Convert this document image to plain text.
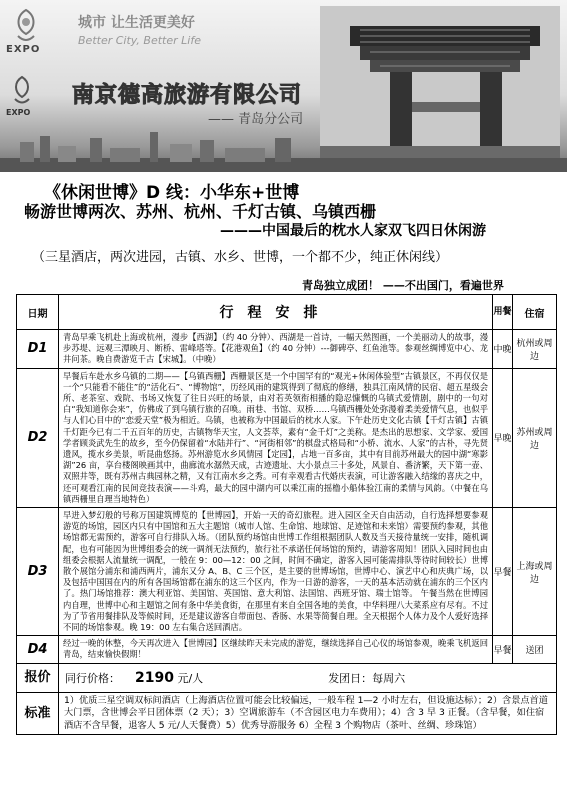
EXPO
城市 让生活更美好
Better City, Better Life
EXPO
南京德高旅游有限公司
—— 青岛分公司
《休闲世博》D 线：小华东+世博
畅游世博两次、苏州、杭州、千灯古镇、乌镇西栅
———中国最后的枕水人家双飞四日休闲游
（三星酒店，两次进园，古镇、水乡、世博，一个都不少，纯正休闲线）
青岛独立成团！ ——不出国门，看遍世界
日期	行程安排	用餐	住宿
D1	青岛早乘飞机赴上海或杭州，漫步【西湖】（约 40 分钟）、西湖是一首诗，一幅天然图画，一个美丽动人的故事，漫步苏堤、远观三潭映月、断桥、雷峰塔等。【花港观鱼】（约 40 分钟）---御碑亭、红鱼池等。参观丝绸博览中心、龙井问茶。晚自费游览千古【宋城】。（中晚）	中晚	杭州或周边
D2	早餐后车赴水乡乌镇的二期——【乌镇西栅】西栅景区是一个中国罕有的“观光+休闲体验型”古镇景区，不再仅仅是一个“只能看不能住”的“活化石”、“博物馆”，历经风雨的建筑得到了彻底的修缮，独具江南风情的民宿、超五星级会所、老茶室、戏院、书场又恢复了往日兴旺的场景，由对若英领衔相播的隐忍慷慨的乌镇式爱情剧，剧中的一句对白“我知道你会来”，仿佛成了到乌镇行旅的召唤。雨巷、书馆、双桥……乌镇西栅处处弥漫着柔美爱情气息，也似乎与人们心目中的“恋爱天堂”极为相近。乌镇，也被称为中国最后的枕水人家。下午赴历史文化古镇【千灯古镇】古镇千灯距今已有二千五百年的历史，古镇物华天宝，人文荟萃，素有“金千灯”之美称。是杰出的思想家、文学家、爱国学者顾炎武先生的故乡，至今仍保留着“水陆并行”、“河街相邻”的棋盘式格局和“小桥、流水、人家”的古朴，寻先贤遗风，揽水乡美景，听昆曲悠扬。苏州游览水乡风情园【定园】，占地一百多亩，其中有目前苏州最大的园中湖“寒影湖”26 亩，享台楼阁映画其中，曲廊流水潺然天成，古迹遗址、大小景点三十多处，风景自、番济繁，天下第一壶、双照井等，既有苏州古典园林之精，又有江南水乡之秀。可有幸观看古代婚庆表演，可让游客融入结缘的喜庆之中，还可观看江南的民间竞技表演——斗鸡，最大的园中湖内可以乘江南的摇橹小船体验江南的柔情与风韵。（中餐在乌镇西栅里自理当地特色）	早晚	苏州或周边
D3	早进入梦幻般的号称万国建筑博览的【世博园】，开始一天的奇幻旅程。进入园区全天自由活动，自行选择想要参观游览的场馆，园区内只有中国馆和五大主题馆（城市人馆、生命馆、地球馆、足迹馆和未来馆）需要预约参观，其他场馆都无需预约，游客可自行排队入场。（团队预约场馆由世博工作组根据团队人数及当天接待量统一安排，随机调配，也有可能因为世博组委会的统一调剂无法预约，旅行社不承诺任何场馆的预约，请游客周知！团队入园时间也由组委会根据人流量统一调配，一般在 9：00—12：00 之间，时间不确定，游客入园可能需排队等待时间较长）世博散个展馆分浦东和浦西两片，浦东又分 A、B、C 三个区，是主要的世博场馆，世博中心、演艺中心和庆典广场，以及包括中国国在内的所有各国场馆都在浦东的这三个区内，作为一日游的游客，一天的基本活动就在浦东的三个区内了。热门场馆推荐：澳大利亚馆、美国馆、英国馆、意大利馆、法国馆、西班牙馆、瑞士馆等。 午餐当然在世博园内自理，世博中心和主题馆之间有条中华美食街，在那里有来自全国各地的美食，中华料理八大菜系应有尽有。不过为了节省用餐排队及等候时间，还是建议游客自带面包、香肠、水果等简餐自理。全天根据个人体力及个人爱好选择不同的场馆参观。晚 19：00 左右集合送回酒店。	早餐	上海或周边
D4	经过一晚的休整，今天再次进入【世博园】区继续昨天未完成的游览，继续选择自己心仪的场馆参观，晚乘飞机返回青岛，结束愉快假期！	早餐	送团
报价	同行价格： 2190 元/人 发团日：每周六		
标准	1）优质三星空调双标间酒店（上海酒店位置可能会比较偏远，一般车程 1—2 小时左右，但设施达标）；2）含景点首道大门票，含世博会平日团体票（2 天）；3）空调旅游车（不含园区电力车费用）；4）含 3 早 3 正餐。（含早餐，如住宿酒店不含早餐，退客人 5 元/人天餐费）5）优秀导游服务 6）全程 3 个购物店（茶叶、丝绸、珍珠馆）		
